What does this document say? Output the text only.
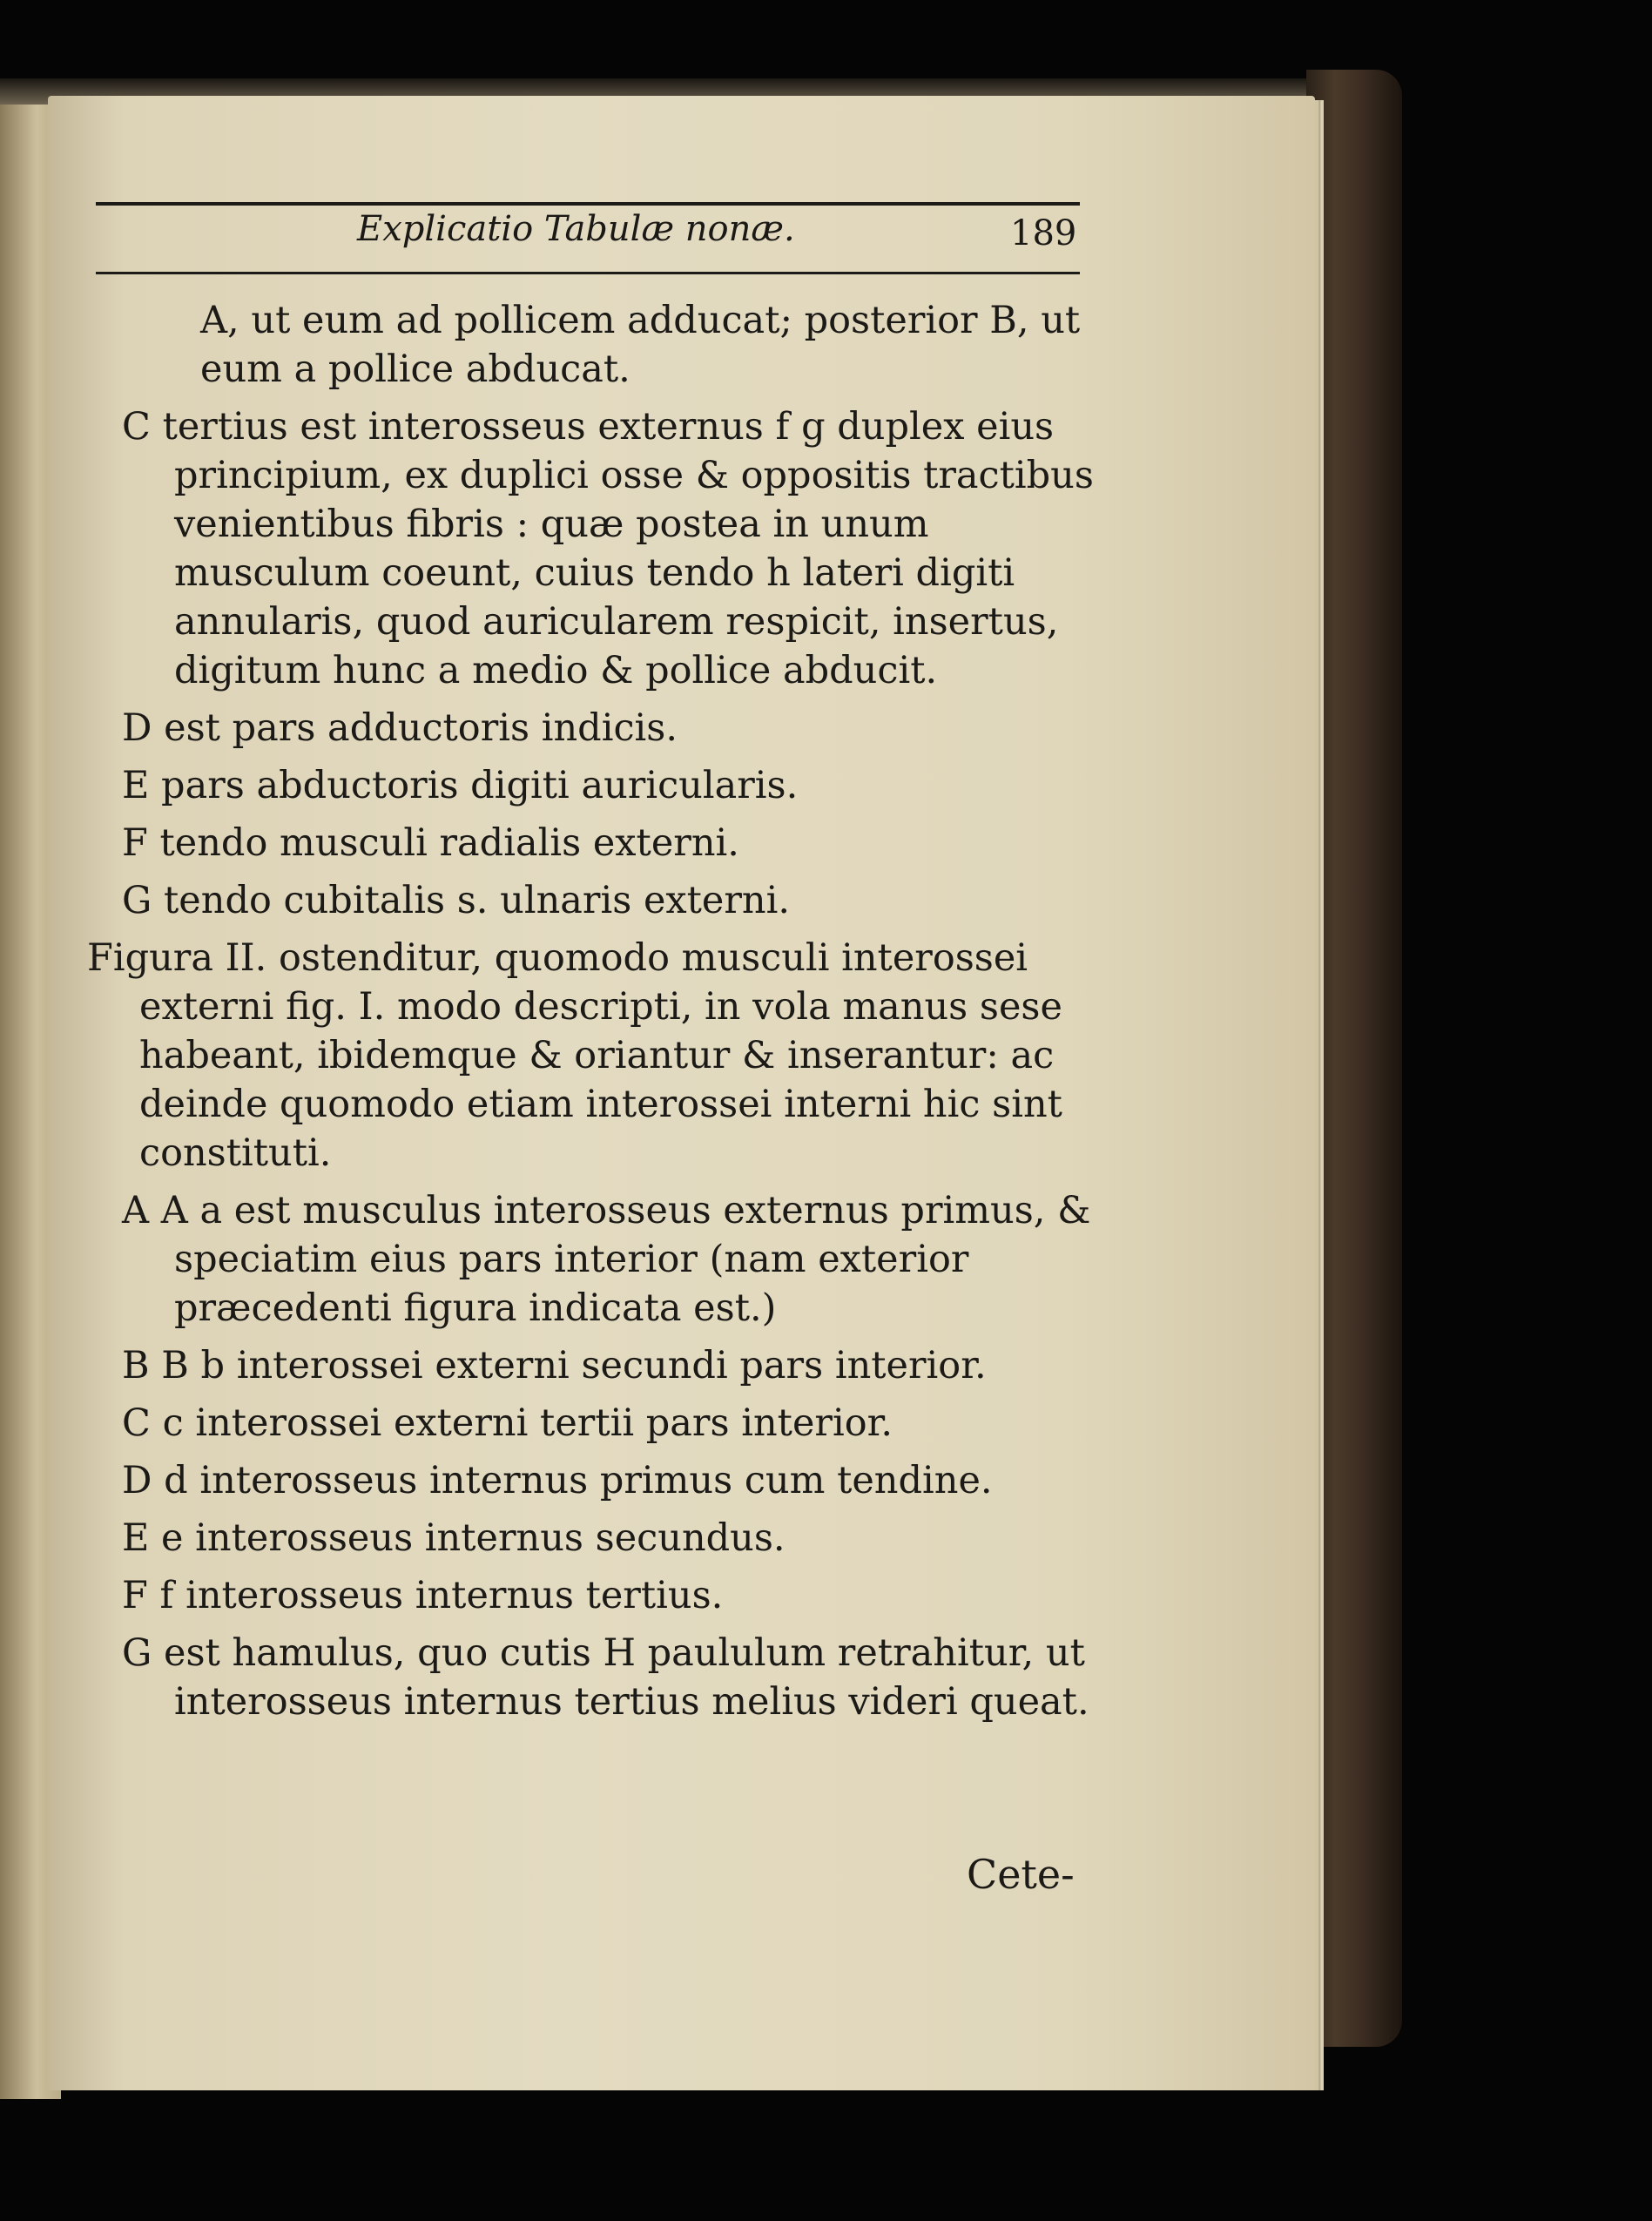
Explicatio Tabulæ nonæ.	189

A, ut eum ad pollicem adducat; posterior B, ut eum a pollice abducat.

C tertius est interosseus externus f g duplex eius principium, ex duplici osse & oppositis tractibus venientibus fibris : quæ postea in unum musculum coeunt, cuius tendo h lateri digiti annularis, quod auricularem respicit, insertus, digitum hunc a medio & pollice abducit.

D est pars adductoris indicis.

E pars abductoris digiti auricularis.

F tendo musculi radialis externi.

G tendo cubitalis s. ulnaris externi.

Figura II. ostenditur, quomodo musculi interossei externi fig. I. modo descripti, in vola manus sese habeant, ibidemque & oriantur & inserantur: ac deinde quomodo etiam interossei interni hic sint constituti.

A A a est musculus interosseus externus primus, & speciatim eius pars interior (nam exterior præcedenti figura indicata est.)

B B b interossei externi secundi pars interior.

C c interossei externi tertii pars interior.

D d interosseus internus primus cum tendine.

E e interosseus internus secundus.

F f interosseus internus tertius.

G est hamulus, quo cutis H paululum retrahitur, ut interosseus internus tertius melius videri queat.

Cete-
